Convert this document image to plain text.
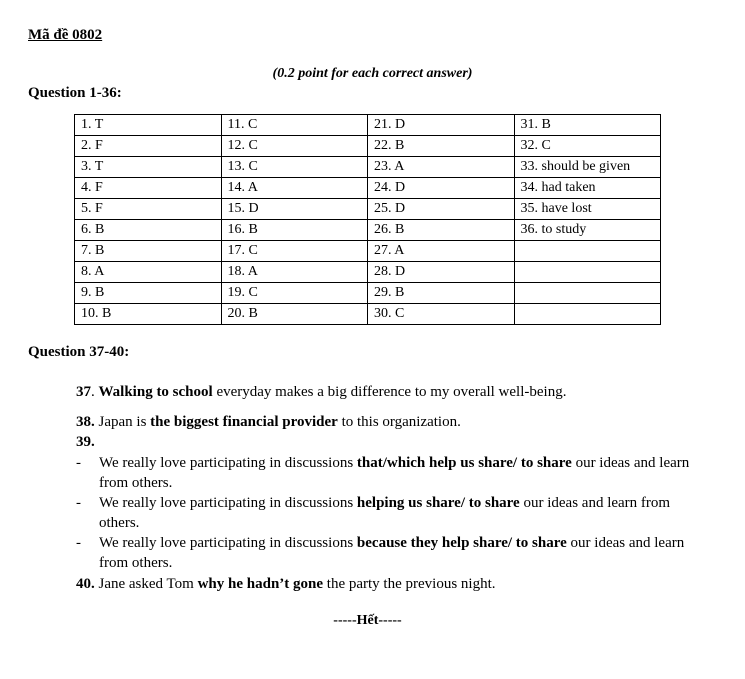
Mã đề 0802
(0.2 point for each correct answer)
Question 1-36:
1. T	11. C	21. D	31. B
2. F	12. C	22. B	32. C
3. T	13. C	23. A	33. should be given
4. F	14. A	24. D	34. had taken
5. F	15. D	25. D	35. have lost
6. B	16. B	26. B	36. to study
7. B	17. C	27. A	
8. A	18. A	28. D	
9. B	19. C	29. B	
10. B	20. B	30. C	
Question 37-40:
37. Walking to school everyday makes a big difference to my overall well-being.
38. Japan is the biggest financial provider to this organization.
39.
- We really love participating in discussions that/which help us share/ to share our ideas and learn from others.
- We really love participating in discussions helping us share/ to share our ideas and learn from others.
- We really love participating in discussions because they help share/ to share our ideas and learn from others.
40. Jane asked Tom why he hadn’t gone the party the previous night.
-----Hết-----
